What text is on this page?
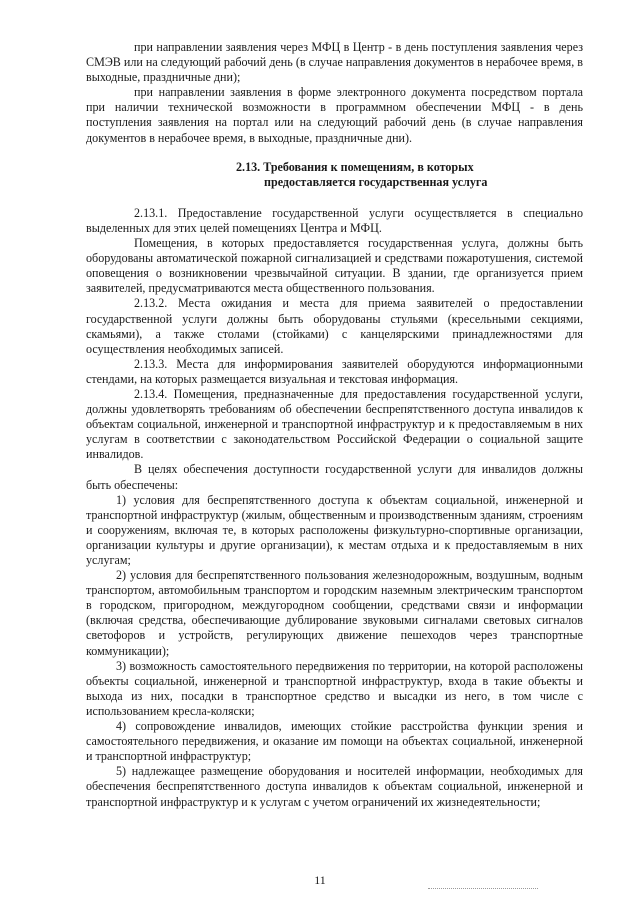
при направлении заявления через МФЦ в Центр - в день поступления заявления через СМЭВ или на следующий рабочий день (в случае направления документов в нерабочее время, в выходные, праздничные дни);

при направлении заявления в форме электронного документа посредством портала при наличии технической возможности в программном обеспечении МФЦ - в день поступления заявления на портал или на следующий рабочий день (в случае направления документов в нерабочее время, в выходные, праздничные дни).

2.13. Требования к помещениям, в которых
предоставляется государственная услуга

2.13.1. Предоставление государственной услуги осуществляется в специально выделенных для этих целей помещениях Центра и МФЦ.

Помещения, в которых предоставляется государственная услуга, должны быть оборудованы автоматической пожарной сигнализацией и средствами пожаротушения, системой оповещения о возникновении чрезвычайной ситуации. В здании, где организуется прием заявителей, предусматриваются места общественного пользования.

2.13.2. Места ожидания и места для приема заявителей о предоставлении государственной услуги должны быть оборудованы стульями (кресельными секциями, скамьями), а также столами (стойками) с канцелярскими принадлежностями для осуществления необходимых записей.

2.13.3. Места для информирования заявителей оборудуются информационными стендами, на которых размещается визуальная и текстовая информация.

2.13.4. Помещения, предназначенные для предоставления государственной услуги, должны удовлетворять требованиям об обеспечении беспрепятственного доступа инвалидов к объектам социальной, инженерной и транспортной инфраструктур и к предоставляемым в них услугам в соответствии с законодательством Российской Федерации о социальной защите инвалидов.

В целях обеспечения доступности государственной услуги для инвалидов должны быть обеспечены:

1) условия для беспрепятственного доступа к объектам социальной, инженерной и транспортной инфраструктур (жилым, общественным и производственным зданиям, строениям и сооружениям, включая те, в которых расположены физкультурно-спортивные организации, организации культуры и другие организации), к местам отдыха и к предоставляемым в них услугам;

2) условия для беспрепятственного пользования железнодорожным, воздушным, водным транспортом, автомобильным транспортом и городским наземным электрическим транспортом в городском, пригородном, междугородном сообщении, средствами связи и информации (включая средства, обеспечивающие дублирование звуковыми сигналами световых сигналов светофоров и устройств, регулирующих движение пешеходов через транспортные коммуникации);

3) возможность самостоятельного передвижения по территории, на которой расположены объекты социальной, инженерной и транспортной инфраструктур, входа в такие объекты и выхода из них, посадки в транспортное средство и высадки из него, в том числе с использованием кресла-коляски;

4) сопровождение инвалидов, имеющих стойкие расстройства функции зрения и самостоятельного передвижения, и оказание им помощи на объектах социальной, инженерной и транспортной инфраструктур;

5) надлежащее размещение оборудования и носителей информации, необходимых для обеспечения беспрепятственного доступа инвалидов к объектам социальной, инженерной и транспортной инфраструктур и к услугам с учетом ограничений их жизнедеятельности;

11
